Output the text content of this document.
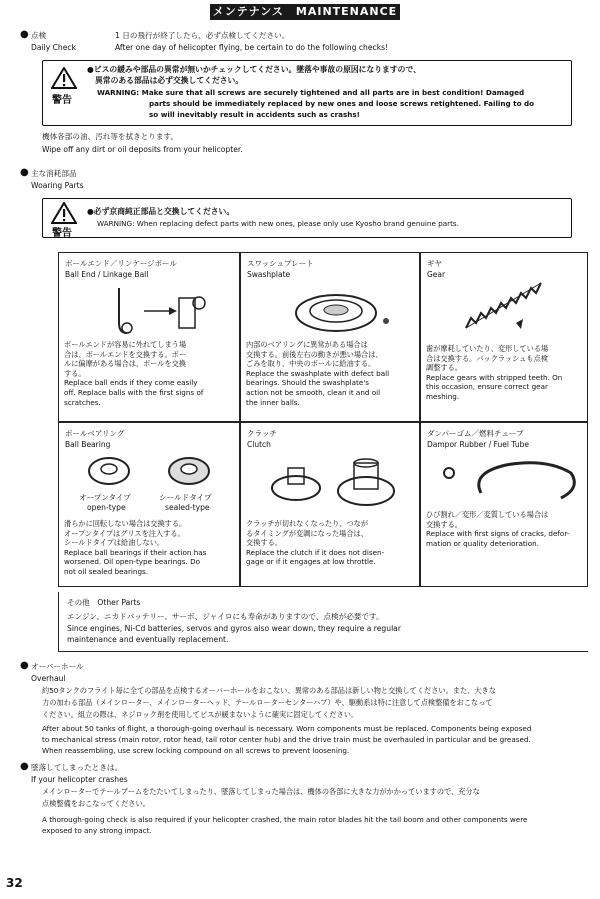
メンテナンス　MAINTENANCE
● 点検
Daily Check
1 日の飛行が終了したら、必ず点検してください。
After one day of helicopter flying, be certain to do the following checks!
警告
●ビスの緩みや部品の異常が無いかチェックしてください。墜落や事故の原因になりますので、
異常のある部品は必ず交換してください。
WARNING: Make sure that all screws are securely tightened and all parts are in best condition! Damaged
parts should be immediately replaced by new ones and loose screws retightened. Failing to do
so will inevitably result in accidents such as crashs!
機体各部の油、汚れ等を拭きとります。
Wipe off any dirt or oil deposits from your helicopter.
● 主な消耗部品
Woaring Parts
警告
●必ず京商純正部品と交換してください。
WARNING: When replacing defect parts with new ones, please only use Kyosho brand genuine parts.
ボールエンド／リンケージボール
Ball End / Linkage Ball
ボールエンドが容易に外れてしまう場
合は、ボールエンドを交換する。ボー
ルに偏摩がある場合は、ボールを交換
する。
Replace ball ends if they come easily
off. Replace balls with the first signs of
scratches.
スワッシュプレート
Swashplate
内部のベアリングに異常がある場合は
交換する。前後左右の動きが悪い場合は、
ごみを取り、中央のボールに給油する。
Replace the swashplate with defect ball
bearings. Should the swashplate's
action not be smooth, clean it and oil
the inner balls.
ギヤ
Gear
歯が摩耗していたり、変形している場
合は交換する。バックラッシュも点検
調整する。
Replace gears with stripped teeth. On
this occasion, ensure correct gear
meshing.
ボールベアリング
Ball Bearing
オープンタイプ
open-type
シールドタイプ
sealed-type
滑らかに回転しない場合は交換する。
オープンタイプはグリスを注入する。
シールドタイプは給油しない。
Replace ball bearings if their action has
worsened. Oil open-type bearings. Do
not oil sealed bearings.
クラッチ
Clutch
クラッチが切れなくなったり、つなが
るタイミングが変調になった場合は、
交換する。
Replace the clutch if it does not disen-
gage or if it engages at low throttle.
ダンパーゴム／燃料チューブ
Dampor Rubber / Fuel Tube
ひび割れ／変形／変質している場合は
交換する。
Replace with first signs of cracks, defor-
mation or quality deterioration.
その他　Other Parts
エンジン、ニカドバッテリー、サーボ、ジャイロにも寿命がありますので、点検が必要です。
Since engines, Ni-Cd batteries, servos and gyros also wear down, they require a regular
maintenance and eventually replacement.
● オーバーホール
Overhaul
約50タンクのフライト毎に全ての部品を点検するオーバーホールをおこない、異常のある部品は新しい物と交換してください。また、大きな
力の加わる部品（メインローター、メインローターヘッド、テールローターセンターハブ）や、駆動系は特に注意して点検整備をおこなって
ください。組立の際は、ネジロック剤を使用してビスが緩まないように確実に固定してください。
After about 50 tanks of flight, a thorough-going overhaul is necessary. Worn components must be replaced. Components being exposed
to mechanical stress (main rotor, rotor head, tail rotor center hub) and the drive train must be overhauled in particular and be greased.
When reassembling, use screw locking compound on all screws to prevent loosening.
● 墜落してしまったときは。
If your helicopter crashes
メインローターでテールブームをたたいてしまったり、墜落してしまった場合は、機体の各部に大きな力がかかっていますので、充分な
点検整備をおこなってください。
A thorough-going check is also required if your helicopter crashed, the main rotor blades hit the tail boom and other components were
exposed to any strong impact.
32
